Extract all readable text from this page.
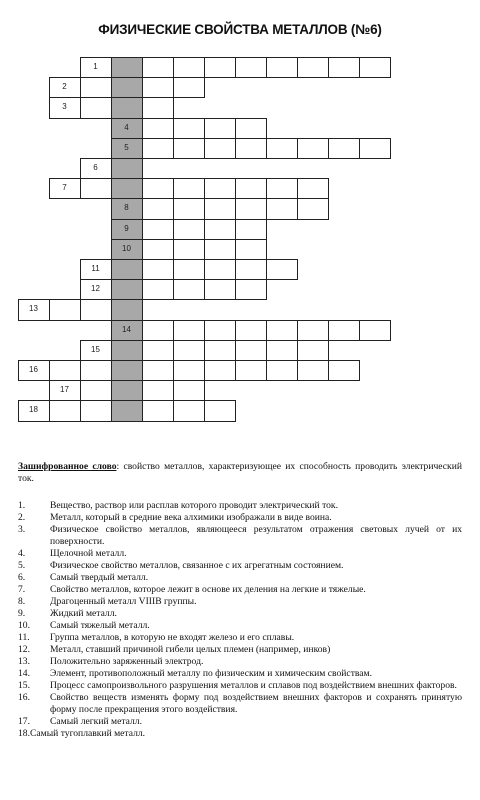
ФИЗИЧЕСКИЕ СВОЙСТВА МЕТАЛЛОВ (№6)
1
2
3
4
5
6
7
8
9
10
11
12
13
14
15
16
17
18

Зашифрованное слово: свойство металлов, характеризующее их способность проводить электрический ток.

1.	Вещество, раствор или расплав которого проводит электрический ток.
2.	Металл, который в средние века алхимики изображали в виде воина.
3.	Физическое свойство металлов, являющееся результатом отражения световых лучей от их поверхности.
4.	Щелочной металл.
5.	Физическое свойство металлов, связанное с их агрегатным состоянием.
6.	Самый твердый металл.
7.	Свойство металлов, которое лежит в основе их деления на легкие и тяжелые.
8.	Драгоценный металл VIIIB группы.
9.	Жидкий металл.
10. Самый тяжелый металл.
11. Группа металлов, в которую не входят железо и его сплавы.
12. Металл, ставший причиной гибели целых племен (например, инков)
13. Положительно заряженный электрод.
14. Элемент, противоположный металлу по физическим и химическим свойствам.
15. Процесс самопроизвольного разрушения металлов и сплавов под воздействием внешних факторов.
16. Свойство веществ изменять форму под воздействием внешних факторов и сохранять принятую форму после прекращения этого воздействия.
17. Самый легкий металл.
18.Самый тугоплавкий металл.
